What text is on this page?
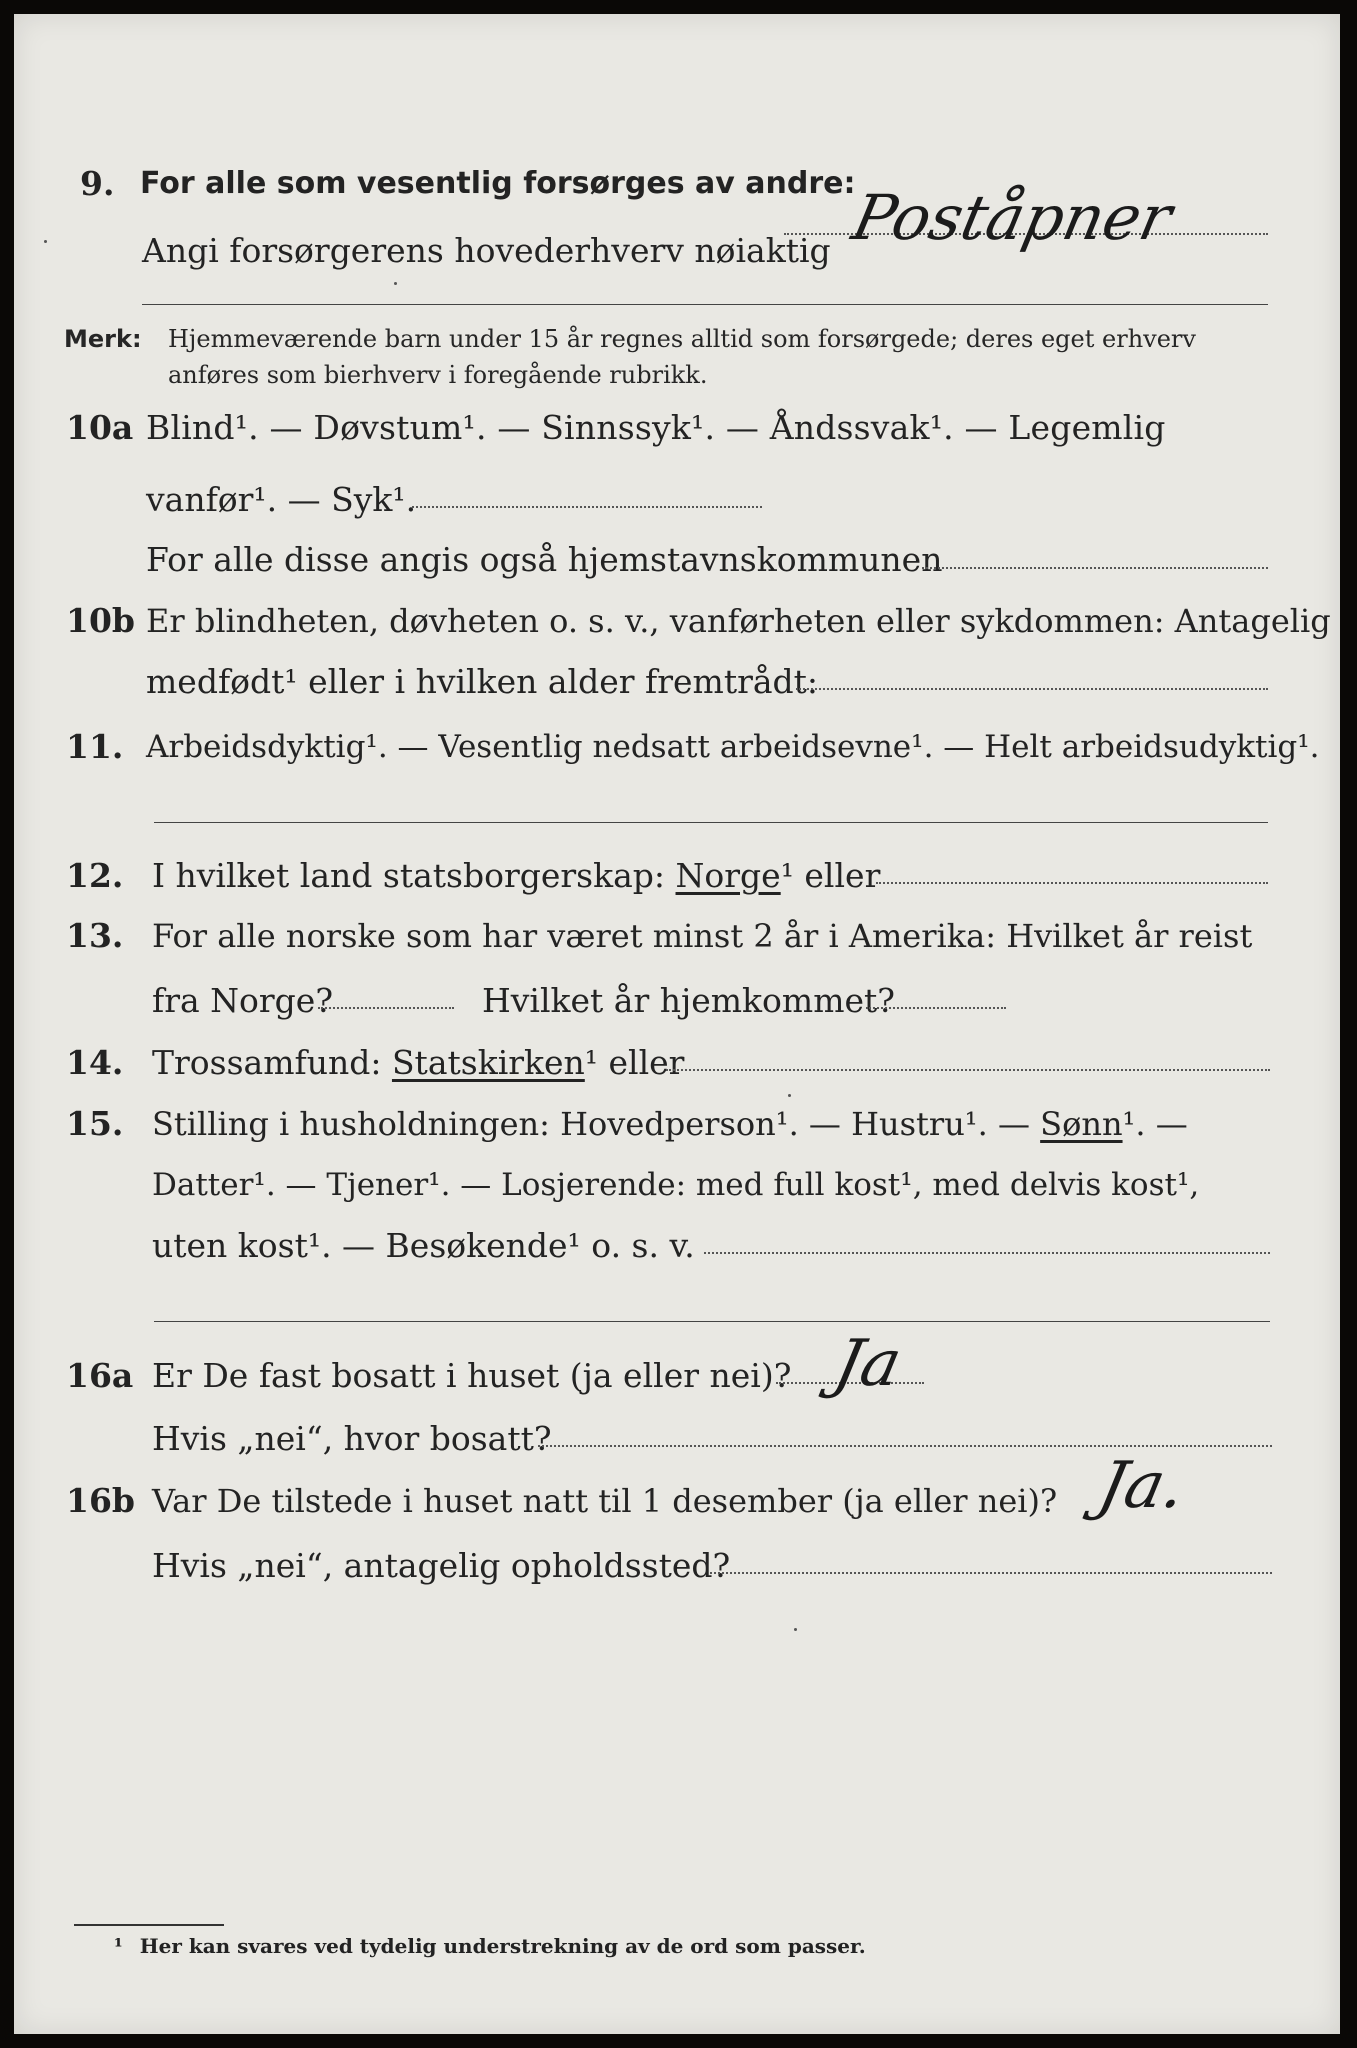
9. For alle som vesentlig forsørges av andre:
Angi forsørgerens hovederhverv nøiaktig Poståpner
Merk: Hjemmeværende barn under 15 år regnes alltid som forsørgede; deres eget erhverv
anføres som bierhverv i foregående rubrikk.
10a Blind¹. — Døvstum¹. — Sinnssyk¹. — Åndssvak¹. — Legemlig
vanfør¹. — Syk¹.
For alle disse angis også hjemstavnskommunen
10b Er blindheten, døvheten o. s. v., vanførheten eller sykdommen: Antagelig
medfødt¹ eller i hvilken alder fremtrådt:
11. Arbeidsdyktig¹. — Vesentlig nedsatt arbeidsevne¹. — Helt arbeidsudyktig¹.
12. I hvilket land statsborgerskap: Norge¹ eller
13. For alle norske som har været minst 2 år i Amerika: Hvilket år reist
fra Norge?	Hvilket år hjemkommet?
14. Trossamfund: Statskirken¹ eller
15. Stilling i husholdningen: Hovedperson¹. — Hustru¹. — Sønn¹. —
Datter¹. — Tjener¹. — Losjerende: med full kost¹, med delvis kost¹,
uten kost¹. — Besøkende¹ o. s. v.
16a Er De fast bosatt i huset (ja eller nei)? Ja
Hvis „nei“, hvor bosatt?
16b Var De tilstede i huset natt til 1 desember (ja eller nei)? Ja.
Hvis „nei“, antagelig opholdssted?
¹ Her kan svares ved tydelig understrekning av de ord som passer.
